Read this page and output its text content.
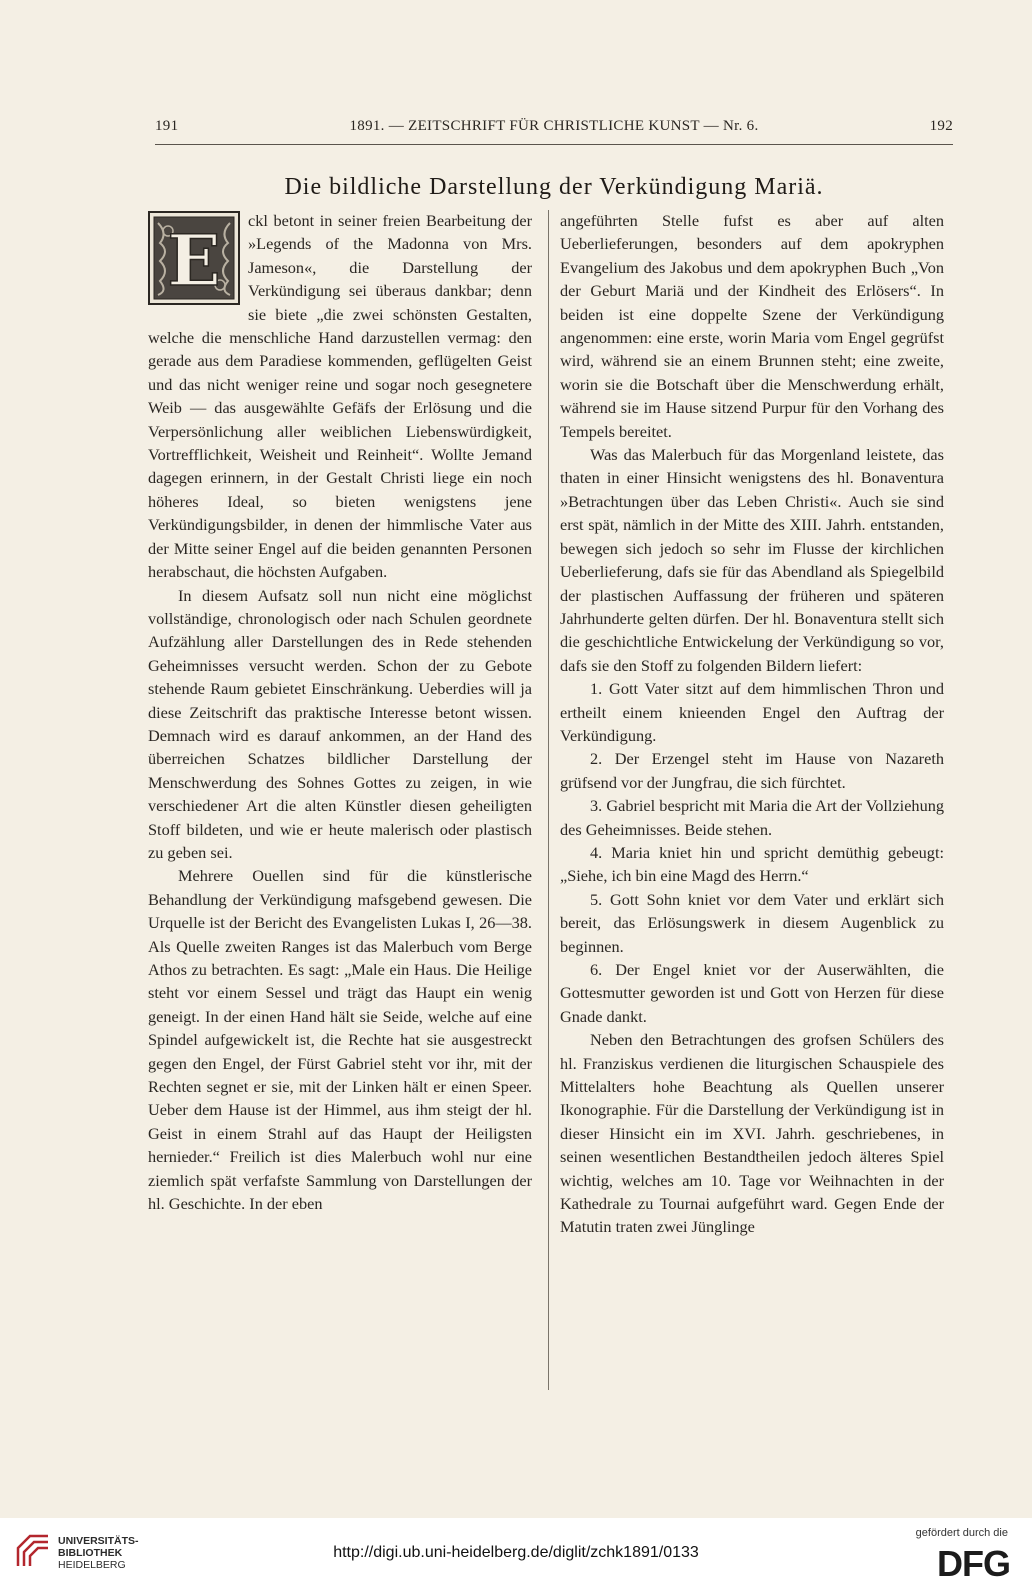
191	1891. — ZEITSCHRIFT FÜR CHRISTLICHE KUNST — Nr. 6.	192
Die bildliche Darstellung der Verkündigung Mariä.
E	ckl betont in seiner freien Bearbeitung der »Legends of the Madonna von Mrs. Jameson«, die Darstellung der Verkündigung sei überaus dankbar; denn sie biete „die zwei schönsten Gestalten, welche die menschliche Hand darzustellen vermag: den gerade aus dem Paradiese kommenden, geflügelten Geist und das nicht weniger reine und sogar noch gesegnetere Weib — das ausgewählte Gefäfs der Erlösung und die Verpersönlichung aller weiblichen Liebenswürdigkeit, Vortrefflichkeit, Weisheit und Reinheit“. Wollte Jemand dagegen erinnern, in der Gestalt Christi liege ein noch höheres Ideal, so bieten wenigstens jene Verkündigungsbilder, in denen der himmlische Vater aus der Mitte seiner Engel auf die beiden genannten Personen herabschaut, die höchsten Aufgaben.

In diesem Aufsatz soll nun nicht eine möglichst vollständige, chronologisch oder nach Schulen geordnete Aufzählung aller Darstellungen des in Rede stehenden Geheimnisses versucht werden. Schon der zu Gebote stehende Raum gebietet Einschränkung. Ueberdies will ja diese Zeitschrift das praktische Interesse betont wissen. Demnach wird es darauf ankommen, an der Hand des überreichen Schatzes bildlicher Darstellung der Menschwerdung des Sohnes Gottes zu zeigen, in wie verschiedener Art die alten Künstler diesen geheiligten Stoff bildeten, und wie er heute malerisch oder plastisch zu geben sei.

Mehrere Ouellen sind für die künstlerische Behandlung der Verkündigung mafsgebend gewesen. Die Urquelle ist der Bericht des Evangelisten Lukas I, 26—38. Als Quelle zweiten Ranges ist das Malerbuch vom Berge Athos zu betrachten. Es sagt: „Male ein Haus. Die Heilige steht vor einem Sessel und trägt das Haupt ein wenig geneigt. In der einen Hand hält sie Seide, welche auf eine Spindel aufgewickelt ist, die Rechte hat sie ausgestreckt gegen den Engel, der Fürst Gabriel steht vor ihr, mit der Rechten segnet er sie, mit der Linken hält er einen Speer. Ueber dem Hause ist der Himmel, aus ihm steigt der hl. Geist in einem Strahl auf das Haupt der Heiligsten hernieder.“ Freilich ist dies Malerbuch wohl nur eine ziemlich spät verfafste Sammlung von Darstellungen der hl. Geschichte. In der eben

angeführten Stelle fufst es aber auf alten Ueberlieferungen, besonders auf dem apokryphen Evangelium des Jakobus und dem apokryphen Buch „Von der Geburt Mariä und der Kindheit des Erlösers“. In beiden ist eine doppelte Szene der Verkündigung angenommen: eine erste, worin Maria vom Engel gegrüfst wird, während sie an einem Brunnen steht; eine zweite, worin sie die Botschaft über die Menschwerdung erhält, während sie im Hause sitzend Purpur für den Vorhang des Tempels bereitet.

Was das Malerbuch für das Morgenland leistete, das thaten in einer Hinsicht wenigstens des hl. Bonaventura »Betrachtungen über das Leben Christi«. Auch sie sind erst spät, nämlich in der Mitte des XIII. Jahrh. entstanden, bewegen sich jedoch so sehr im Flusse der kirchlichen Ueberlieferung, dafs sie für das Abendland als Spiegelbild der plastischen Auffassung der früheren und späteren Jahrhunderte gelten dürfen. Der hl. Bonaventura stellt sich die geschichtliche Entwickelung der Verkündigung so vor, dafs sie den Stoff zu folgenden Bildern liefert:

1. Gott Vater sitzt auf dem himmlischen Thron und ertheilt einem knieenden Engel den Auftrag der Verkündigung.

2. Der Erzengel steht im Hause von Nazareth grüfsend vor der Jungfrau, die sich fürchtet.

3. Gabriel bespricht mit Maria die Art der Vollziehung des Geheimnisses. Beide stehen.

4. Maria kniet hin und spricht demüthig gebeugt: „Siehe, ich bin eine Magd des Herrn.“

5. Gott Sohn kniet vor dem Vater und erklärt sich bereit, das Erlösungswerk in diesem Augenblick zu beginnen.

6. Der Engel kniet vor der Auserwählten, die Gottesmutter geworden ist und Gott von Herzen für diese Gnade dankt.

Neben den Betrachtungen des grofsen Schülers des hl. Franziskus verdienen die liturgischen Schauspiele des Mittelalters hohe Beachtung als Quellen unserer Ikonographie. Für die Darstellung der Verkündigung ist in dieser Hinsicht ein im XVI. Jahrh. geschriebenes, in seinen wesentlichen Bestandtheilen jedoch älteres Spiel wichtig, welches am 10. Tage vor Weihnachten in der Kathedrale zu Tournai aufgeführt ward. Gegen Ende der Matutin traten zwei Jünglinge

UNIVERSITÄTS-
BIBLIOTHEK
HEIDELBERG
http://digi.ub.uni-heidelberg.de/diglit/zchk1891/0133
gefördert durch die
DFG
